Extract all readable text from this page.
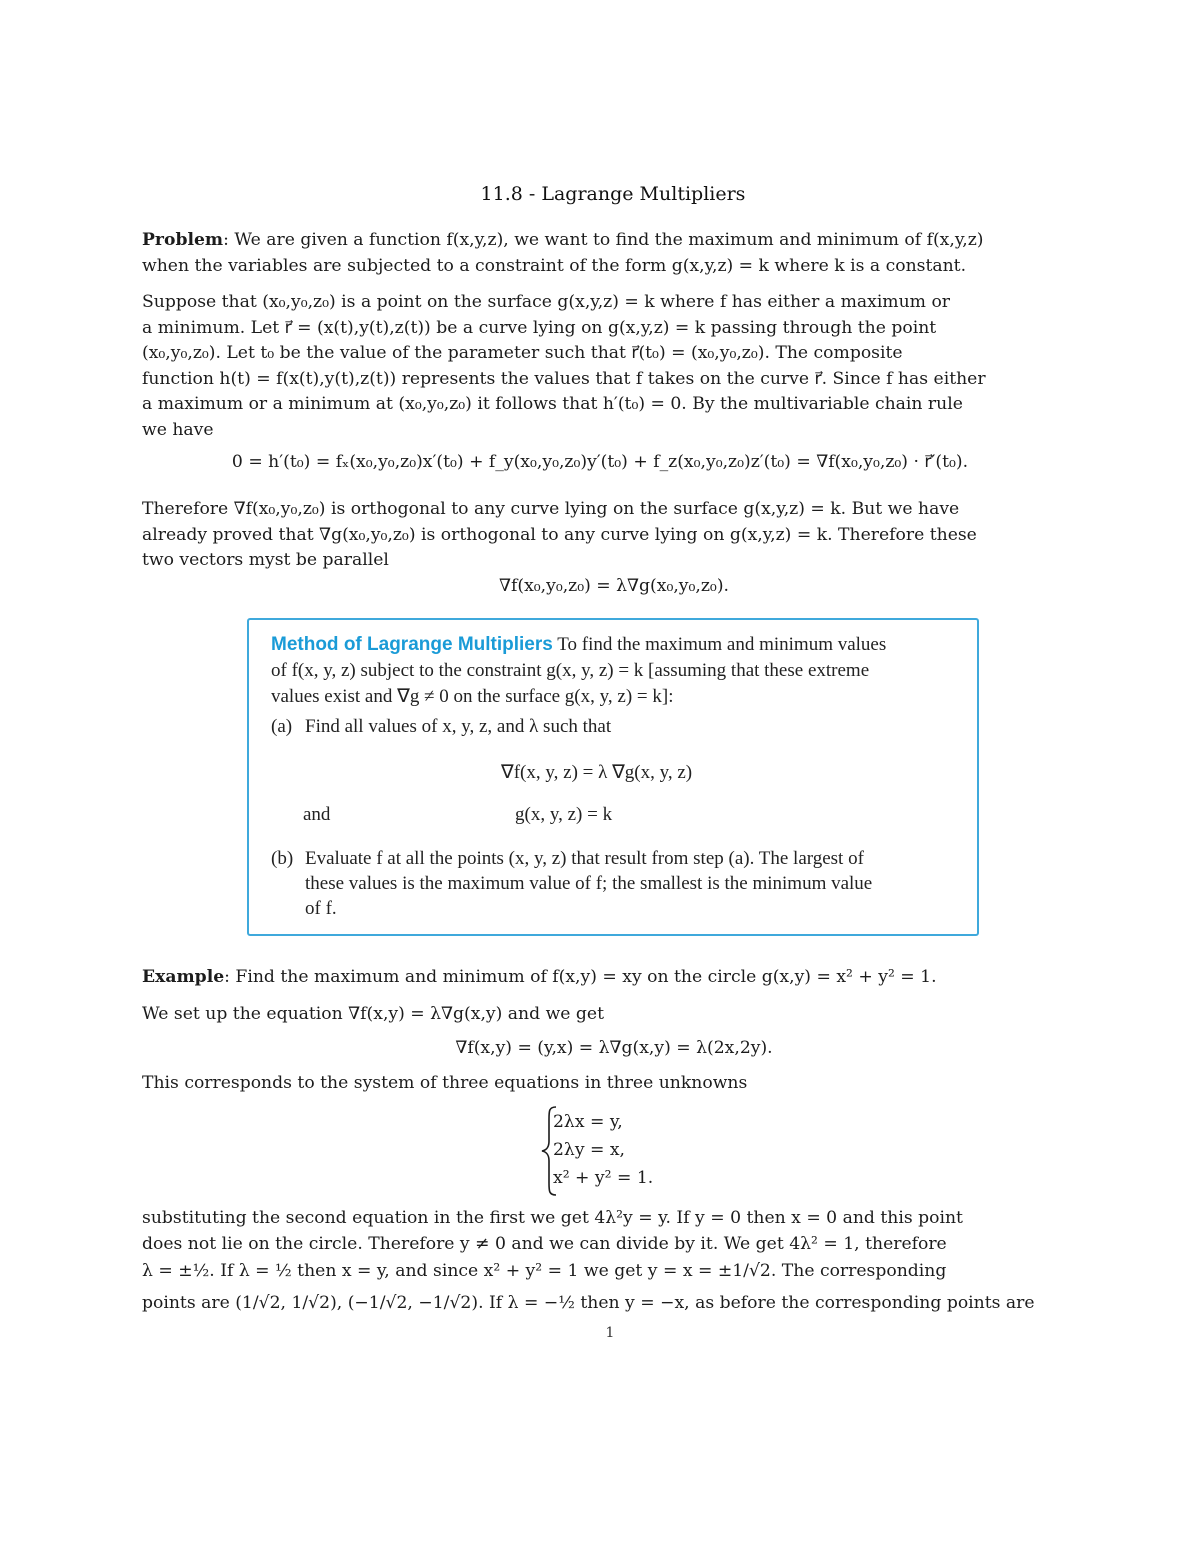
11.8 - Lagrange Multipliers
Problem: We are given a function f(x,y,z), we want to find the maximum and minimum of f(x,y,z)
when the variables are subjected to a constraint of the form g(x,y,z) = k where k is a constant.
Suppose that (x₀,y₀,z₀) is a point on the surface g(x,y,z) = k where f has either a maximum or
a minimum. Let r⃗ = (x(t),y(t),z(t)) be a curve lying on g(x,y,z) = k passing through the point
(x₀,y₀,z₀). Let t₀ be the value of the parameter such that r⃗(t₀) = (x₀,y₀,z₀). The composite
function h(t) = f(x(t),y(t),z(t)) represents the values that f takes on the curve r⃗. Since f has either
a maximum or a minimum at (x₀,y₀,z₀) it follows that h′(t₀) = 0. By the multivariable chain rule
we have
0 = h′(t₀) = fₓ(x₀,y₀,z₀)x′(t₀) + f_y(x₀,y₀,z₀)y′(t₀) + f_z(x₀,y₀,z₀)z′(t₀) = ∇f(x₀,y₀,z₀) · r⃗′(t₀).
Therefore ∇f(x₀,y₀,z₀) is orthogonal to any curve lying on the surface g(x,y,z) = k. But we have
already proved that ∇g(x₀,y₀,z₀) is orthogonal to any curve lying on g(x,y,z) = k. Therefore these
two vectors myst be parallel
∇f(x₀,y₀,z₀) = λ∇g(x₀,y₀,z₀).
Method of Lagrange Multipliers To find the maximum and minimum values
of f(x, y, z) subject to the constraint g(x, y, z) = k [assuming that these extreme
values exist and ∇g ≠ 0 on the surface g(x, y, z) = k]:
(a) Find all values of x, y, z, and λ such that
∇f(x, y, z) = λ ∇g(x, y, z)
and	g(x, y, z) = k
(b) Evaluate f at all the points (x, y, z) that result from step (a). The largest of
these values is the maximum value of f; the smallest is the minimum value
of f.
Example: Find the maximum and minimum of f(x,y) = xy on the circle g(x,y) = x² + y² = 1.
We set up the equation ∇f(x,y) = λ∇g(x,y) and we get
∇f(x,y) = (y,x) = λ∇g(x,y) = λ(2x,2y).
This corresponds to the system of three equations in three unknowns
2λx = y,
2λy = x,
x² + y² = 1.
substituting the second equation in the first we get 4λ²y = y. If y = 0 then x = 0 and this point
does not lie on the circle. Therefore y ≠ 0 and we can divide by it. We get 4λ² = 1, therefore
λ = ±½. If λ = ½ then x = y, and since x² + y² = 1 we get y = x = ±1/√2. The corresponding
points are (1/√2, 1/√2), (−1/√2, −1/√2). If λ = −½ then y = −x, as before the corresponding points are
1
